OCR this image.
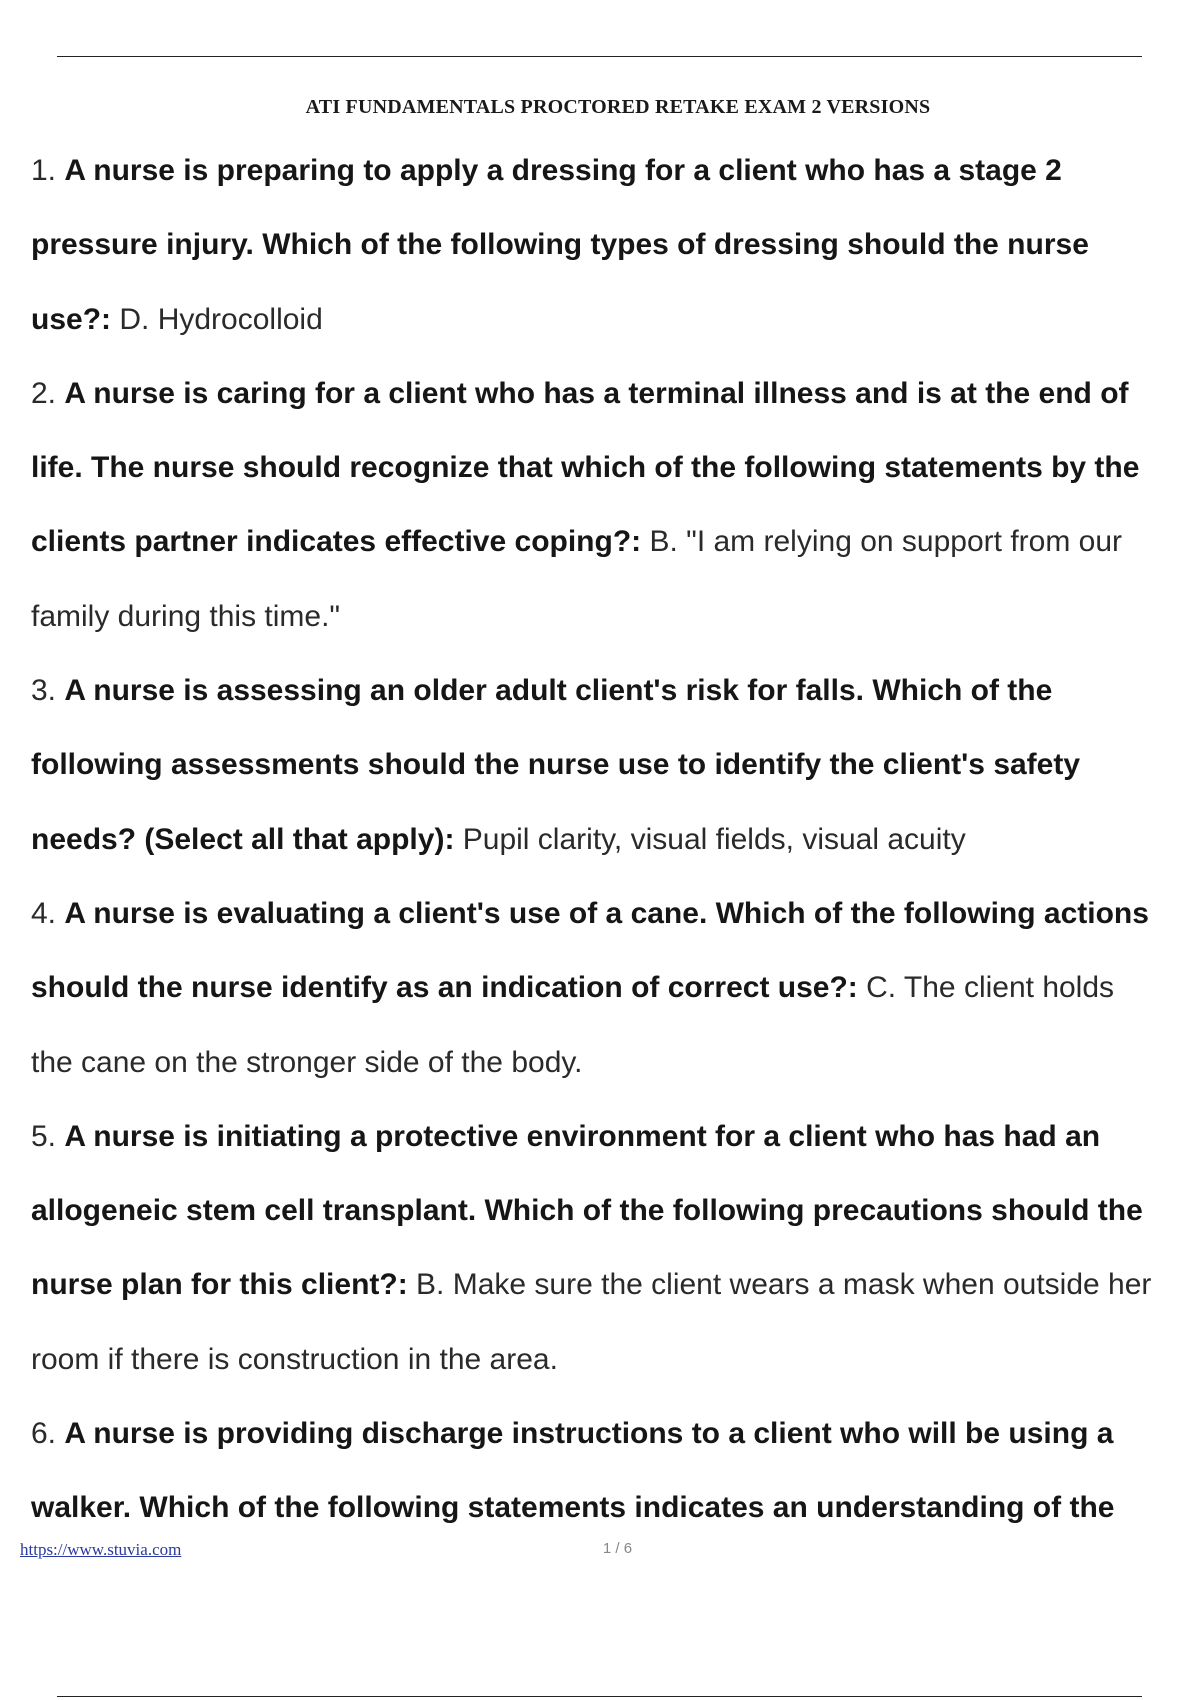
ATI FUNDAMENTALS PROCTORED RETAKE EXAM 2 VERSIONS
1. A nurse is preparing to apply a dressing for a client who has a stage 2
pressure injury. Which of the following types of dressing should the nurse
use?: D. Hydrocolloid
2. A nurse is caring for a client who has a terminal illness and is at the end of
life. The nurse should recognize that which of the following statements by the
clients partner indicates effective coping?: B. "I am relying on support from our
family during this time."
3. A nurse is assessing an older adult client's risk for falls. Which of the
following assessments should the nurse use to identify the client's safety
needs? (Select all that apply): Pupil clarity, visual fields, visual acuity
4. A nurse is evaluating a client's use of a cane. Which of the following actions
should the nurse identify as an indication of correct use?: C. The client holds
the cane on the stronger side of the body.
5. A nurse is initiating a protective environment for a client who has had an
allogeneic stem cell transplant. Which of the following precautions should the
nurse plan for this client?: B. Make sure the client wears a mask when outside her
room if there is construction in the area.
6. A nurse is providing discharge instructions to a client who will be using a
walker. Which of the following statements indicates an understanding of the
https://www.stuvia.com	1 / 6
